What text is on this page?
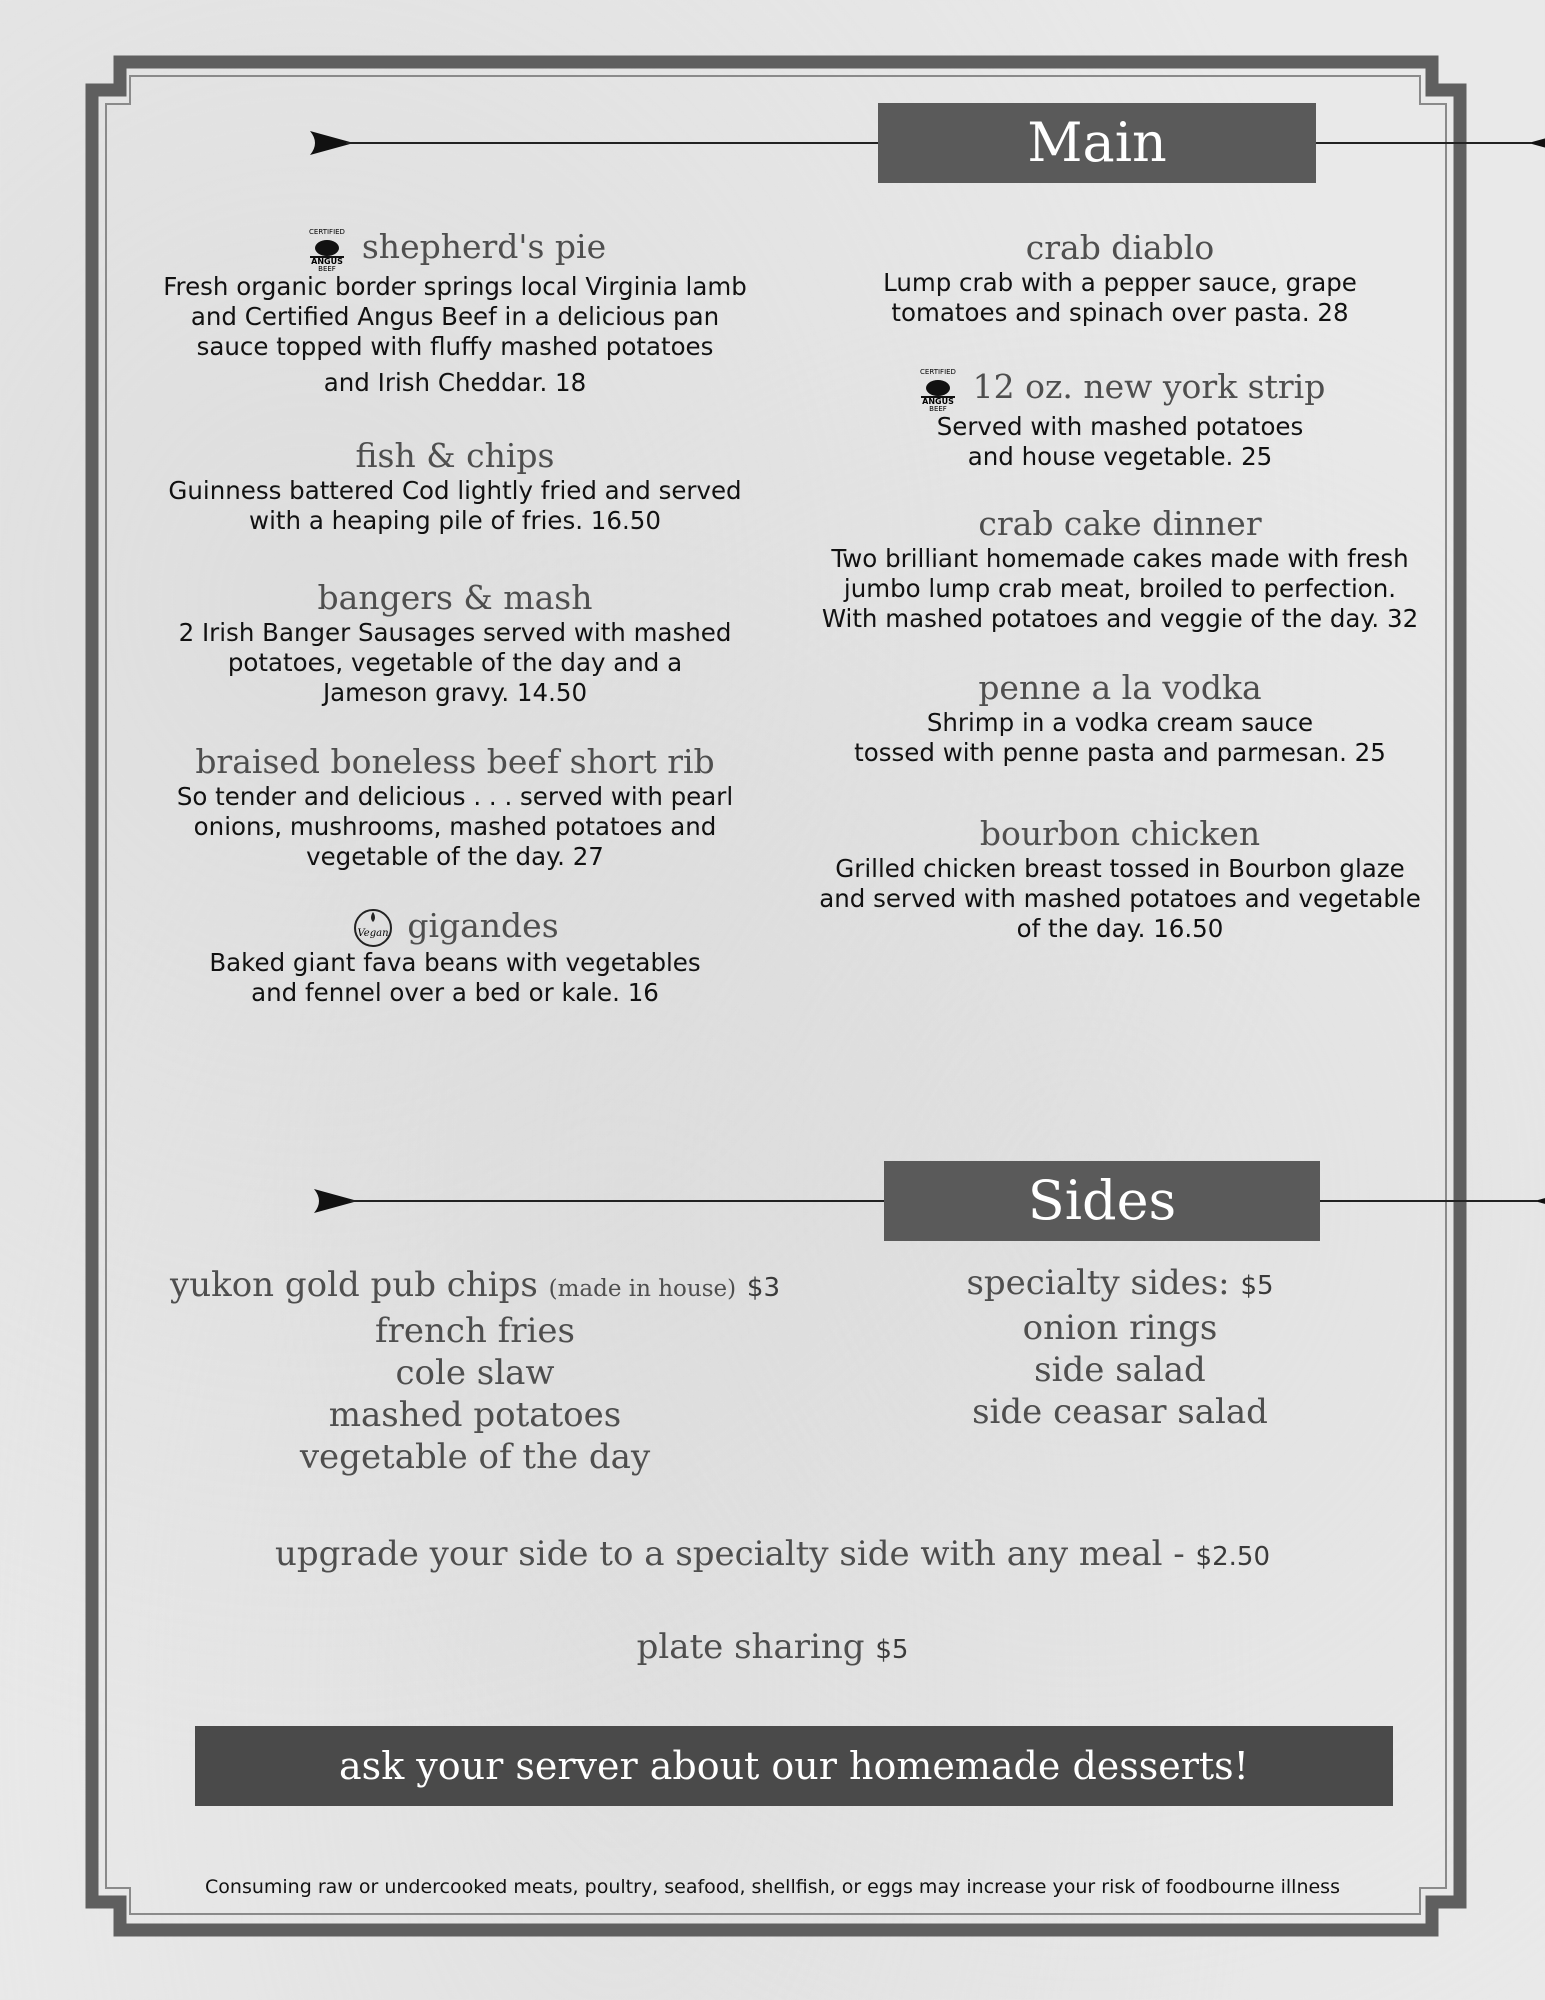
Main
CERTIFIED
ANGUS
BEEF
shepherd's pie
Fresh organic border springs local Virginia lamb
and Certified Angus Beef in a delicious pan
sauce topped with fluffy mashed potatoes
and Irish Cheddar. 18
fish & chips
Guinness battered Cod lightly fried and served
with a heaping pile of fries. 16.50
bangers & mash
2 Irish Banger Sausages served with mashed
potatoes, vegetable of the day and a
Jameson gravy. 14.50
braised boneless beef short rib
So tender and delicious . . . served with pearl
onions, mushrooms, mashed potatoes and
vegetable of the day. 27
Vegan gigandes
Baked giant fava beans with vegetables
and fennel over a bed or kale. 16
crab diablo
Lump crab with a pepper sauce, grape
tomatoes and spinach over pasta. 28
CERTIFIED
ANGUS
BEEF
12 oz. new york strip
Served with mashed potatoes
and house vegetable. 25
crab cake dinner
Two brilliant homemade cakes made with fresh
jumbo lump crab meat, broiled to perfection.
With mashed potatoes and veggie of the day. 32
penne a la vodka
Shrimp in a vodka cream sauce
tossed with penne pasta and parmesan. 25
bourbon chicken
Grilled chicken breast tossed in Bourbon glaze
and served with mashed potatoes and vegetable
of the day. 16.50
Sides
yukon gold pub chips (made in house) $3
french fries
cole slaw
mashed potatoes
vegetable of the day
specialty sides: $5
onion rings
side salad
side ceasar salad
upgrade your side to a specialty side with any meal - $2.50
plate sharing $5
ask your server about our homemade desserts!
Consuming raw or undercooked meats, poultry, seafood, shellfish, or eggs may increase your risk of foodbourne illness
